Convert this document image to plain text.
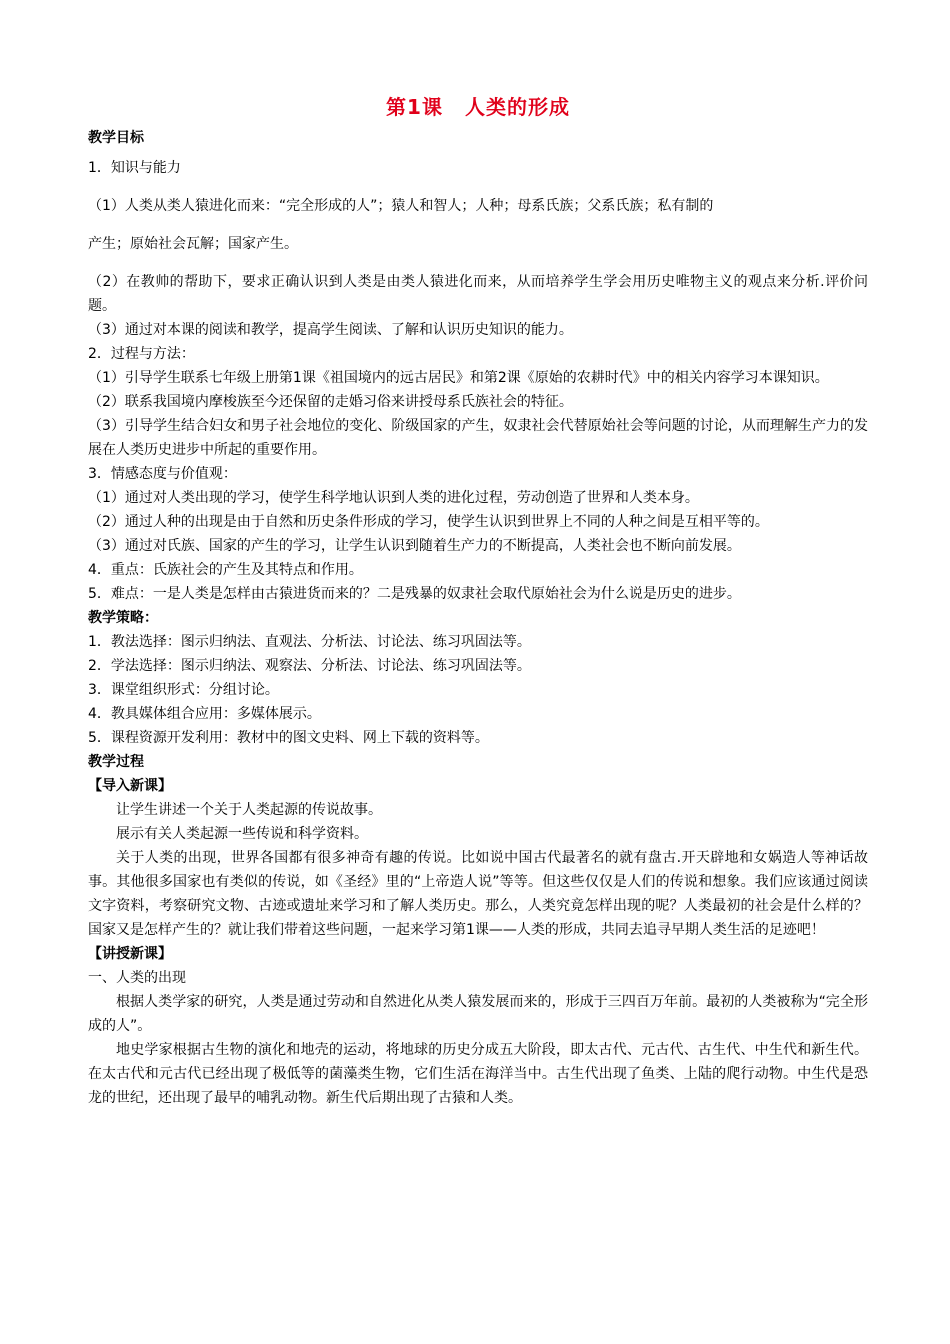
第1课 人类的形成
教学目标
1．知识与能力
（1）人类从类人猿进化而来：“完全形成的人”；猿人和智人；人种；母系氏族；父系氏族；私有制的
产生；原始社会瓦解；国家产生。
（2）在教帅的帮助下，要求正确认识到人类是由类人猿进化而来，从而培养学生学会用历史唯物主义的观点来分析.评价问题。
（3）通过对本课的阅读和教学，提高学生阅读、了解和认识历史知识的能力。
2．过程与方法：
（1）引导学生联系七年级上册第1课《祖国境内的远古居民》和第2课《原始的农耕时代》中的相关内容学习本课知识。
（2）联系我国境内摩梭族至今还保留的走婚习俗来讲授母系氏族社会的特征。
（3）引导学生结合妇女和男子社会地位的变化、阶级国家的产生，奴隶社会代替原始社会等问题的讨论，从而理解生产力的发展在人类历史进步中所起的重要作用。
3．情感态度与价值观：
（1）通过对人类出现的学习，使学生科学地认识到人类的进化过程，劳动创造了世界和人类本身。
（2）通过人种的出现是由于自然和历史条件形成的学习，使学生认识到世界上不同的人种之间是互相平等的。
（3）通过对氏族、国家的产生的学习，让学生认识到随着生产力的不断提高，人类社会也不断向前发展。
4．重点：氏族社会的产生及其特点和作用。
5．难点：一是人类是怎样由古猿进货而来的？二是残暴的奴隶社会取代原始社会为什么说是历史的进步。
教学策略：
1．教法选择：图示归纳法、直观法、分析法、讨论法、练习巩固法等。
2．学法选择：图示归纳法、观察法、分析法、讨论法、练习巩固法等。
3．课堂组织形式：分组讨论。
4．教具媒体组合应用：多媒体展示。
5．课程资源开发利用：教材中的图文史料、网上下载的资料等。
教学过程
【导入新课】
让学生讲述一个关于人类起源的传说故事。
展示有关人类起源一些传说和科学资料。
关于人类的出现，世界各国都有很多神奇有趣的传说。比如说中国古代最著名的就有盘古.开天辟地和女娲造人等神话故事。其他很多国家也有类似的传说，如《圣经》里的“上帝造人说”等等。但这些仅仅是人们的传说和想象。我们应该通过阅读文字资料，考察研究文物、古迹或遗址来学习和了解人类历史。那么，人类究竟怎样出现的呢？人类最初的社会是什么样的？国家又是怎样产生的？就让我们带着这些问题，一起来学习第1课——人类的形成，共同去追寻早期人类生活的足迹吧！
【讲授新课】
一、人类的出现
根据人类学家的研究，人类是通过劳动和自然进化从类人猿发展而来的，形成于三四百万年前。最初的人类被称为“完全形成的人”。
地史学家根据古生物的演化和地壳的运动，将地球的历史分成五大阶段，即太古代、元古代、古生代、中生代和新生代。在太古代和元古代已经出现了极低等的菌藻类生物，它们生活在海洋当中。古生代出现了鱼类、上陆的爬行动物。中生代是恐龙的世纪，还出现了最早的哺乳动物。新生代后期出现了古猿和人类。
